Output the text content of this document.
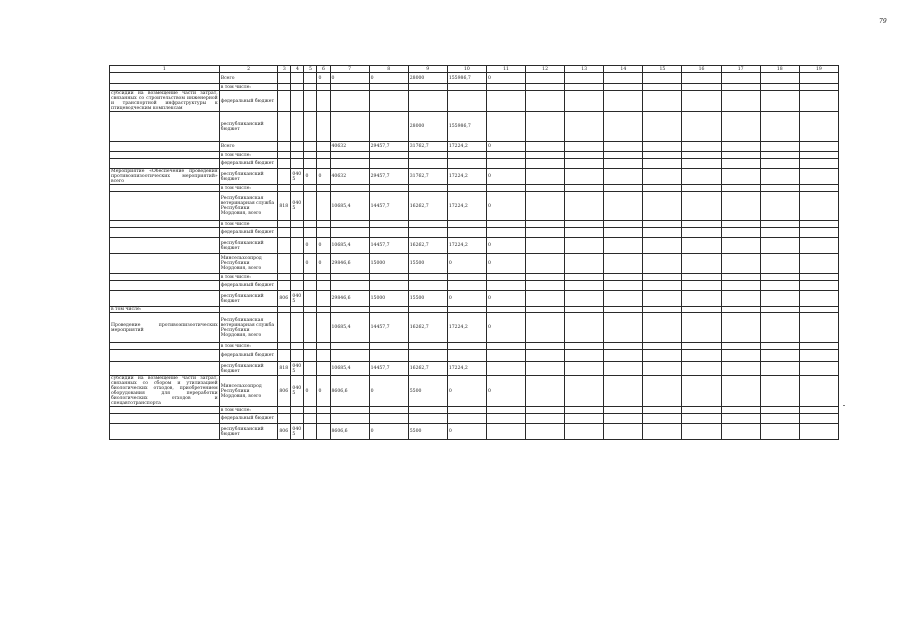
79
1	2	3	4	5	6	7	8	9	10	11	12	13	14	15	16	17	18	19
	Всего				0	0	0	28000	155986,7	0								
	в том числе:																	
субсидии на возмещение части затрат, связанных со строительством инженерной и транспортной инфраструктуры к птицеводческим комплексам	федеральный бюджет																	
	республиканский бюджет							28000	155986,7									
	Всего					40632	29457,7	31762,7	17224,2	0								
	в том числе:																	
	федеральный бюджет																	
Мероприятие «Обеспечение проведения противоэпизоотических мероприятий» всего	республиканский бюджет		0405	0	0	40632	29457,7	31762,7	17224,2	0								
	в том числе:																	
	Республиканская ветеринарная служба Республики Мордовия, всего	818	0405			10685,4	14457,7	16262,7	17224,2	0								
	в том числе																	
	федеральный бюджет																	
	республиканский бюджет			0	0	10685,4	14457,7	16262,7	17224,2	0								
	Минсельхозпрод Республики Мордовия, всего			0	0	29846,6	15000	15500	0	0								
	в том числе:																	
	федеральный бюджет																	
	республиканский бюджет	806	0405			29846,6	15000	15500	0	0								
в том числе:																		
Проведение противоэпизоотических мероприятий	Республиканская ветеринарная служба Республики Мордовия, всего					10685,4	14457,7	16262,7	17224,2	0								
	в том числе:																	
	федеральный бюджет																	
	республиканский бюджет	818	0405			10685,4	14457,7	16262,7	17224,2									
субсидии на возмещение части затрат, связанных со сбором и утилизацией биологических отходов, приобретением оборудования для переработки биологических отходов и спецавтотранспорта	Минсельхозпрод Республики Мордовия, всего	806	0405	0	0	8606,6	0	5500	0	0								
	в том числе:																	
	федеральный бюджет																	
	республиканский бюджет	806	0405			8606,6	0	5500	0									
